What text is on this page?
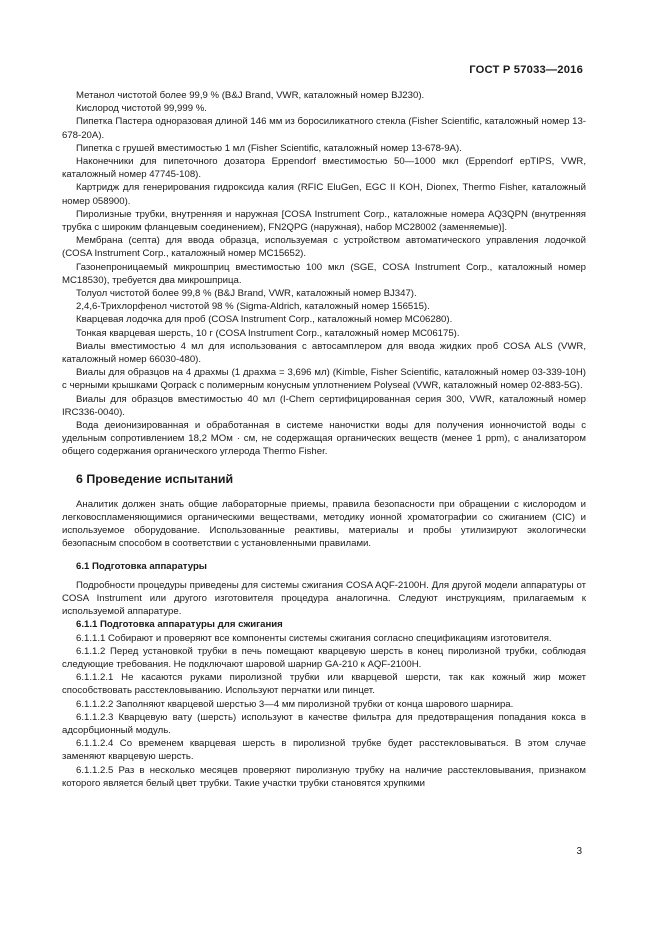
ГОСТ Р 57033—2016

Метанол чистотой более 99,9 % (B&J Brand, VWR, каталожный номер BJ230).

Кислород чистотой 99,999 %.

Пипетка Пастера одноразовая длиной 146 мм из боросиликатного стекла (Fisher Scientific, каталожный номер 13-678-20А).

Пипетка с грушей вместимостью 1 мл (Fisher Scientific, каталожный номер 13-678-9А).

Наконечники для пипеточного дозатора Eppendorf вместимостью 50—1000 мкл (Eppendorf epTIPS, VWR, каталожный номер 47745-108).

Картридж для генерирования гидроксида калия (RFIC EluGen, EGC II KOH, Dionex, Thermo Fisher, каталожный номер 058900).

Пиролизные трубки, внутренняя и наружная [COSA Instrument Corp., каталожные номера AQ3QPN (внутренняя трубка с широким фланцевым соединением), FN2QPG (наружная), набор MC28002 (заменяемые)].

Мембрана (септа) для ввода образца, используемая с устройством автоматического управления лодочкой (COSA Instrument Corp., каталожный номер MC15652).

Газонепроницаемый микрошприц вместимостью 100 мкл (SGE, COSA Instrument Corp., каталожный номер MC18530), требуется два микрошприца.

Толуол чистотой более 99,8 % (B&J Brand, VWR, каталожный номер BJ347).

2,4,6-Трихлорфенол чистотой 98 % (Sigma-Aldrich, каталожный номер 156515).

Кварцевая лодочка для проб (COSA Instrument Corp., каталожный номер MC06280).

Тонкая кварцевая шерсть, 10 г (COSA Instrument Corp., каталожный номер MC06175).

Виалы вместимостью 4 мл для использования с автосамплером для ввода жидких проб COSA ALS (VWR, каталожный номер 66030-480).

Виалы для образцов на 4 драхмы (1 драхма = 3,696 мл) (Kimble, Fisher Scientific, каталожный номер 03-339-10Н) с черными крышками Qorpack с полимерным конусным уплотнением Polyseal (VWR, каталожный номер 02-883-5G).

Виалы для образцов вместимостью 40 мл (I-Chem сертифицированная серия 300, VWR, каталожный номер IRC336-0040).

Вода деионизированная и обработанная в системе наночистки воды для получения ионночистой воды с удельным сопротивлением 18,2 МОм · см, не содержащая органических веществ (менее 1 ppm), с анализатором общего содержания органического углерода Thermo Fisher.

6 Проведение испытаний

Аналитик должен знать общие лабораторные приемы, правила безопасности при обращении с кислородом и легковоспламеняющимися органическими веществами, методику ионной хроматографии со сжиганием (CIC) и используемое оборудование. Использованные реактивы, материалы и пробы утилизируют экологически безопасным способом в соответствии с установленными правилами.

6.1 Подготовка аппаратуры

Подробности процедуры приведены для системы сжигания COSA AQF-2100H. Для другой модели аппаратуры от COSA Instrument или другого изготовителя процедура аналогична. Следуют инструкциям, прилагаемым к используемой аппаратуре.

6.1.1 Подготовка аппаратуры для сжигания

6.1.1.1 Собирают и проверяют все компоненты системы сжигания согласно спецификациям изготовителя.

6.1.1.2 Перед установкой трубки в печь помещают кварцевую шерсть в конец пиролизной трубки, соблюдая следующие требования. Не подключают шаровой шарнир GA-210 к AQF-2100H.

6.1.1.2.1 Не касаются руками пиролизной трубки или кварцевой шерсти, так как кожный жир может способствовать расстекловыванию. Используют перчатки или пинцет.

6.1.1.2.2 Заполняют кварцевой шерстью 3—4 мм пиролизной трубки от конца шарового шарнира.

6.1.1.2.3 Кварцевую вату (шерсть) используют в качестве фильтра для предотвращения попадания кокса в адсорбционный модуль.

6.1.1.2.4 Со временем кварцевая шерсть в пиролизной трубке будет расстекловываться. В этом случае заменяют кварцевую шерсть.

6.1.1.2.5 Раз в несколько месяцев проверяют пиролизную трубку на наличие расстекловывания, признаком которого является белый цвет трубки. Такие участки трубки становятся хрупкими

3
